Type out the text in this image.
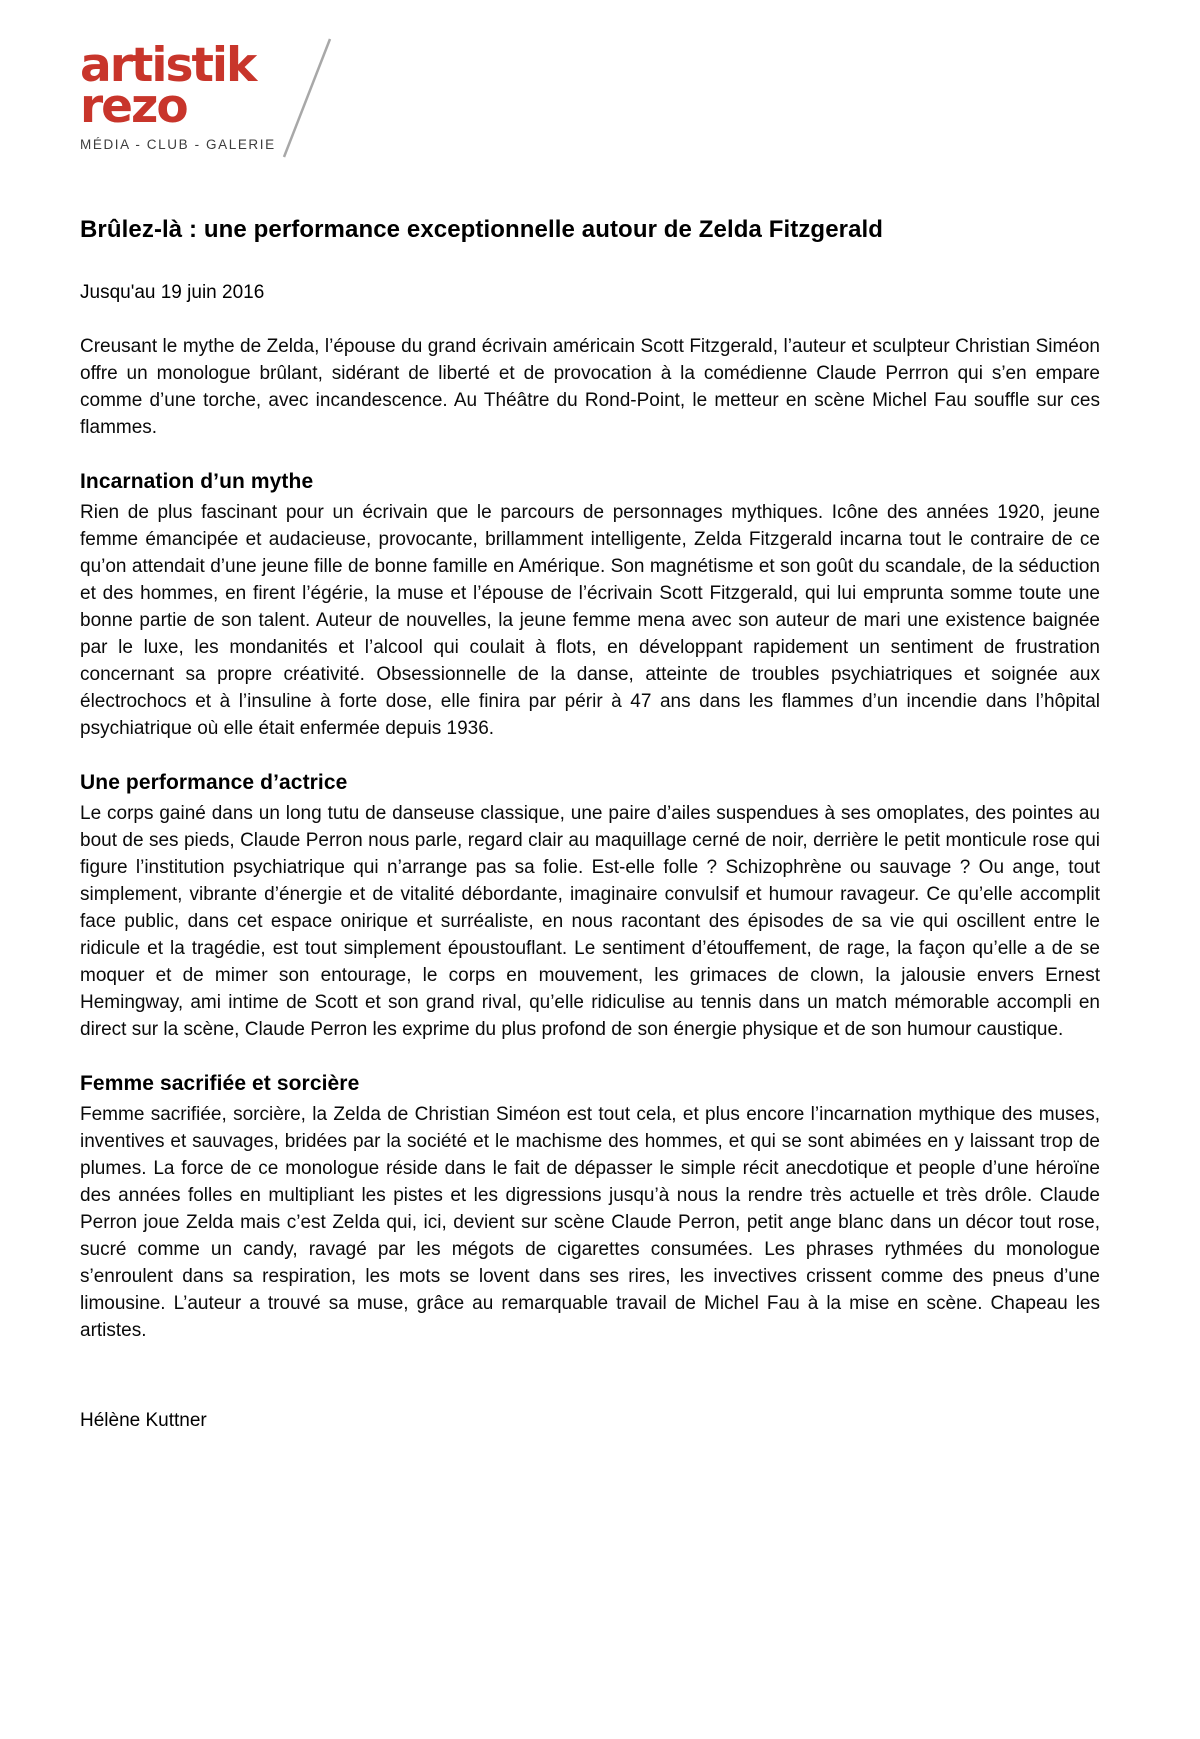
artistik
rezo
MÉDIA - CLUB - GALERIE
Brûlez-là : une performance exceptionnelle autour de Zelda Fitzgerald

Jusqu'au 19 juin 2016

Creusant le mythe de Zelda, l’épouse du grand écrivain américain Scott Fitzgerald, l’auteur et sculpteur Christian Siméon offre un monologue brûlant, sidérant de liberté et de provocation à la comédienne Claude Perrron qui s’en empare comme d’une torche, avec incandescence. Au Théâtre du Rond-Point, le metteur en scène Michel Fau souffle sur ces flammes.

Incarnation d’un mythe

Rien de plus fascinant pour un écrivain que le parcours de personnages mythiques. Icône des années 1920, jeune femme émancipée et audacieuse, provocante, brillamment intelligente, Zelda Fitzgerald incarna tout le contraire de ce qu’on attendait d’une jeune fille de bonne famille en Amérique. Son magnétisme et son goût du scandale, de la séduction et des hommes, en firent l’égérie, la muse et l’épouse de l’écrivain Scott Fitzgerald, qui lui emprunta somme toute une bonne partie de son talent. Auteur de nouvelles, la jeune femme mena avec son auteur de mari une existence baignée par le luxe, les mondanités et l’alcool qui coulait à flots, en développant rapidement un sentiment de frustration concernant sa propre créativité. Obsessionnelle de la danse, atteinte de troubles psychiatriques et soignée aux électrochocs et à l’insuline à forte dose, elle finira par périr à 47 ans dans les flammes d’un incendie dans l’hôpital psychiatrique où elle était enfermée depuis 1936.

Une performance d’actrice

Le corps gainé dans un long tutu de danseuse classique, une paire d’ailes suspendues à ses omoplates, des pointes au bout de ses pieds, Claude Perron nous parle, regard clair au maquillage cerné de noir, derrière le petit monticule rose qui figure l’institution psychiatrique qui n’arrange pas sa folie. Est-elle folle ? Schizophrène ou sauvage ? Ou ange, tout simplement, vibrante d’énergie et de vitalité débordante, imaginaire convulsif et humour ravageur. Ce qu’elle accomplit face public, dans cet espace onirique et surréaliste, en nous racontant des épisodes de sa vie qui oscillent entre le ridicule et la tragédie, est tout simplement époustouflant. Le sentiment d’étouffement, de rage, la façon qu’elle a de se moquer et de mimer son entourage, le corps en mouvement, les grimaces de clown, la jalousie envers Ernest Hemingway, ami intime de Scott et son grand rival, qu’elle ridiculise au tennis dans un match mémorable accompli en direct sur la scène, Claude Perron les exprime du plus profond de son énergie physique et de son humour caustique.

Femme sacrifiée et sorcière

Femme sacrifiée, sorcière, la Zelda de Christian Siméon est tout cela, et plus encore l’incarnation mythique des muses, inventives et sauvages, bridées par la société et le machisme des hommes, et qui se sont abimées en y laissant trop de plumes. La force de ce monologue réside dans le fait de dépasser le simple récit anecdotique et people d’une héroïne des années folles en multipliant les pistes et les digressions jusqu’à nous la rendre très actuelle et très drôle. Claude Perron joue Zelda mais c’est Zelda qui, ici, devient sur scène Claude Perron, petit ange blanc dans un décor tout rose, sucré comme un candy, ravagé par les mégots de cigarettes consumées. Les phrases rythmées du monologue s’enroulent dans sa respiration, les mots se lovent dans ses rires, les invectives crissent comme des pneus d’une limousine. L’auteur a trouvé sa muse, grâce au remarquable travail de Michel Fau à la mise en scène. Chapeau les artistes.

Hélène Kuttner
